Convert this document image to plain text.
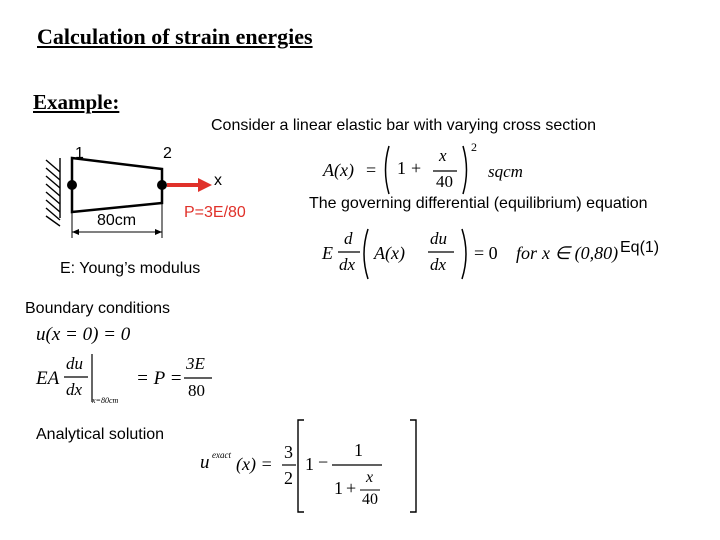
Calculation of strain energies
Example:
Consider a linear elastic bar with varying cross section
1	2
x
80cm	P=3E/80
A(x) = 1 +
x
40
2
sqcm
The governing differential (equilibrium) equation
Eq(1)
E
d
dx
A(x)
du
dx
= 0 for x ∈ (0,80)
E: Young’s modulus
Boundary conditions
u(x = 0) = 0
EA
du
dx
x=80cm
= P =
3E
80
Analytical solution
u exact (x) =
3
2
1 −
1
1 +
x
40
